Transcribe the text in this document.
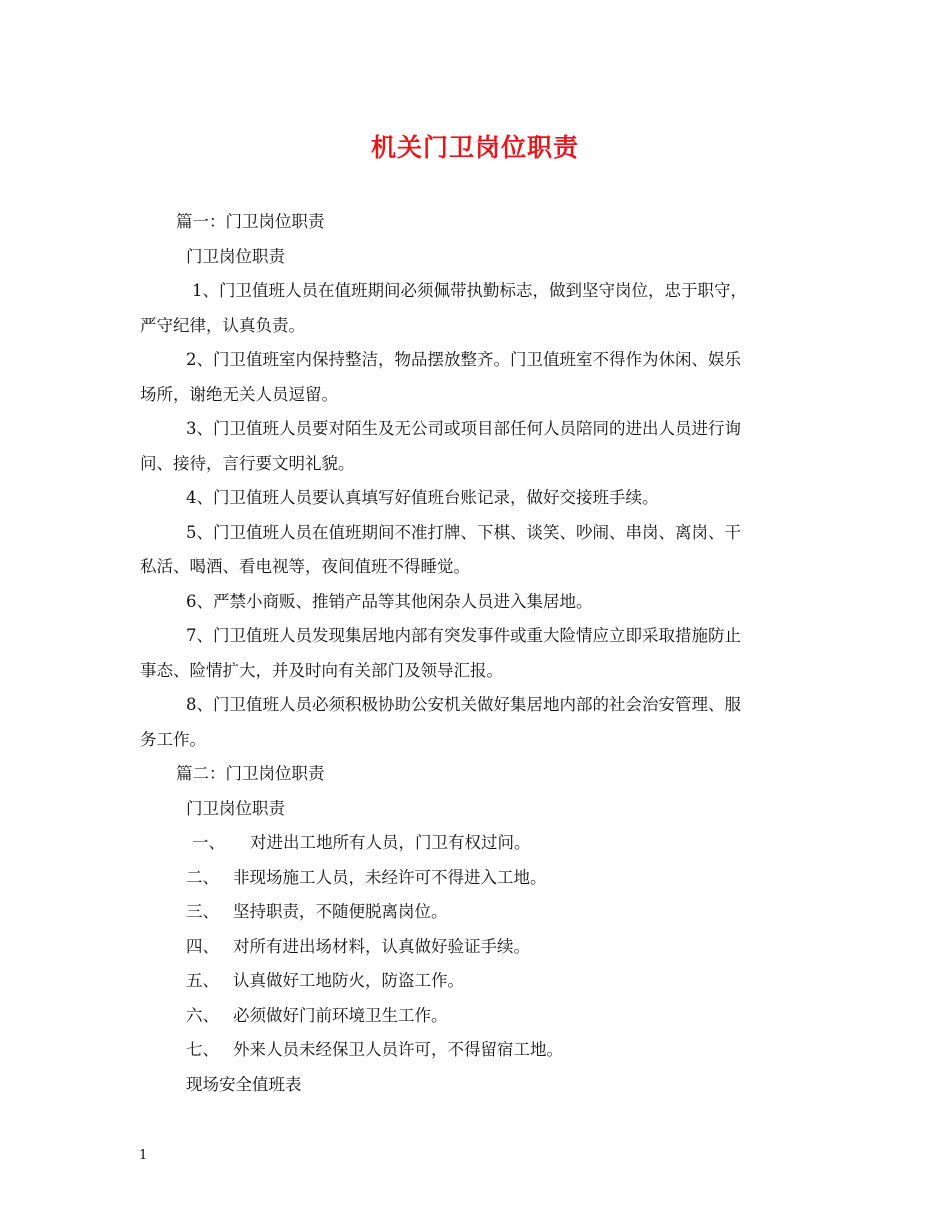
机关门卫岗位职责
篇一：门卫岗位职责
门卫岗位职责
1、门卫值班人员在值班期间必须佩带执勤标志，做到坚守岗位，忠于职守，
严守纪律，认真负责。
2、门卫值班室内保持整洁，物品摆放整齐。门卫值班室不得作为休闲、娱乐
场所，谢绝无关人员逗留。
3、门卫值班人员要对陌生及无公司或项目部任何人员陪同的进出人员进行询
问、接待，言行要文明礼貌。
4、门卫值班人员要认真填写好值班台账记录，做好交接班手续。
5、门卫值班人员在值班期间不准打牌、下棋、谈笑、吵闹、串岗、离岗、干
私活、喝酒、看电视等，夜间值班不得睡觉。
6、严禁小商贩、推销产品等其他闲杂人员进入集居地。
7、门卫值班人员发现集居地内部有突发事件或重大险情应立即采取措施防止
事态、险情扩大，并及时向有关部门及领导汇报。
8、门卫值班人员必须积极协助公安机关做好集居地内部的社会治安管理、服
务工作。
篇二：门卫岗位职责
门卫岗位职责
一、 对进出工地所有人员，门卫有权过问。
二、 非现场施工人员，未经许可不得进入工地。
三、 坚持职责，不随便脱离岗位。
四、 对所有进出场材料，认真做好验证手续。
五、 认真做好工地防火，防盗工作。
六、 必须做好门前环境卫生工作。
七、 外来人员未经保卫人员许可，不得留宿工地。
现场安全值班表
1
